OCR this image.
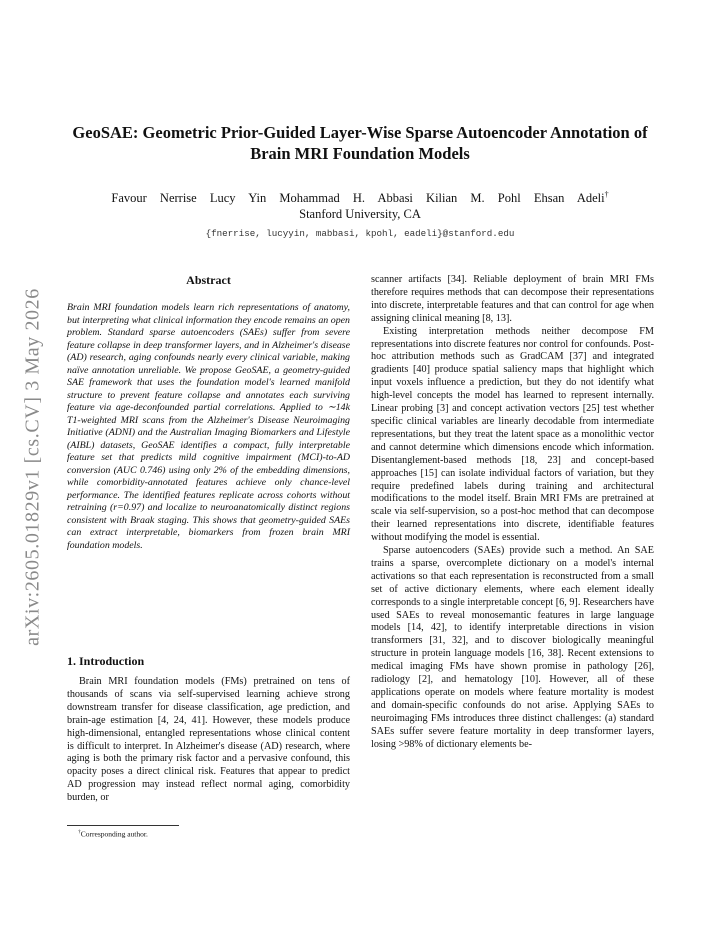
arXiv:2605.01829v1 [cs.CV] 3 May 2026
GeoSAE: Geometric Prior-Guided Layer-Wise Sparse Autoencoder Annotation of Brain MRI Foundation Models
Favour Nerrise Lucy Yin Mohammad H. Abbasi Kilian M. Pohl Ehsan Adeli†
Stanford University, CA
{fnerrise, lucyyin, mabbasi, kpohl, eadeli}@stanford.edu
Abstract

Brain MRI foundation models learn rich representations of anatomy, but interpreting what clinical information they encode remains an open problem. Standard sparse autoencoders (SAEs) suffer from severe feature collapse in deep transformer layers, and in Alzheimer's disease (AD) research, aging confounds nearly every clinical variable, making naïve annotation unreliable. We propose GeoSAE, a geometry-guided SAE framework that uses the foundation model's learned manifold structure to prevent feature collapse and annotates each surviving feature via age-deconfounded partial correlations. Applied to ∼14k T1-weighted MRI scans from the Alzheimer's Disease Neuroimaging Initiative (ADNI) and the Australian Imaging Biomarkers and Lifestyle (AIBL) datasets, GeoSAE identifies a compact, fully interpretable feature set that predicts mild cognitive impairment (MCI)-to-AD conversion (AUC 0.746) using only 2% of the embedding dimensions, while comorbidity-annotated features achieve only chance-level performance. The identified features replicate across cohorts without retraining (r=0.97) and localize to neuroanatomically distinct regions consistent with Braak staging. This shows that geometry-guided SAEs can extract interpretable, biomarkers from frozen brain MRI foundation models.

1. Introduction

Brain MRI foundation models (FMs) pretrained on tens of thousands of scans via self-supervised learning achieve strong downstream transfer for disease classification, age prediction, and brain-age estimation [4, 24, 41]. However, these models produce high-dimensional, entangled representations whose clinical content is difficult to interpret. In Alzheimer's disease (AD) research, where aging is both the primary risk factor and a pervasive confound, this opacity poses a direct clinical risk. Features that appear to predict AD progression may instead reflect normal aging, comorbidity burden, or

scanner artifacts [34]. Reliable deployment of brain MRI FMs therefore requires methods that can decompose their representations into discrete, interpretable features and that can control for age when assigning clinical meaning [8, 13].

Existing interpretation methods neither decompose FM representations into discrete features nor control for confounds. Post-hoc attribution methods such as GradCAM [37] and integrated gradients [40] produce spatial saliency maps that highlight which input voxels influence a prediction, but they do not identify what high-level concepts the model has learned to represent internally. Linear probing [3] and concept activation vectors [25] test whether specific clinical variables are linearly decodable from intermediate representations, but they treat the latent space as a monolithic vector and cannot determine which dimensions encode which information. Disentanglement-based methods [18, 23] and concept-based approaches [15] can isolate individual factors of variation, but they require predefined labels during training and architectural modifications to the model itself. Brain MRI FMs are pretrained at scale via self-supervision, so a post-hoc method that can decompose their learned representations into discrete, identifiable features without modifying the model is essential.

Sparse autoencoders (SAEs) provide such a method. An SAE trains a sparse, overcomplete dictionary on a model's internal activations so that each representation is reconstructed from a small set of active dictionary elements, where each element ideally corresponds to a single interpretable concept [6, 9]. Researchers have used SAEs to reveal monosemantic features in large language models [14, 42], to identify interpretable directions in vision transformers [31, 32], and to discover biologically meaningful structure in protein language models [16, 38]. Recent extensions to medical imaging FMs have shown promise in pathology [26], radiology [2], and hematology [10]. However, all of these applications operate on models where feature mortality is modest and domain-specific confounds do not arise. Applying SAEs to neuroimaging FMs introduces three distinct challenges: (a) standard SAEs suffer severe feature mortality in deep transformer layers, losing >98% of dictionary elements be-

†Corresponding author.
